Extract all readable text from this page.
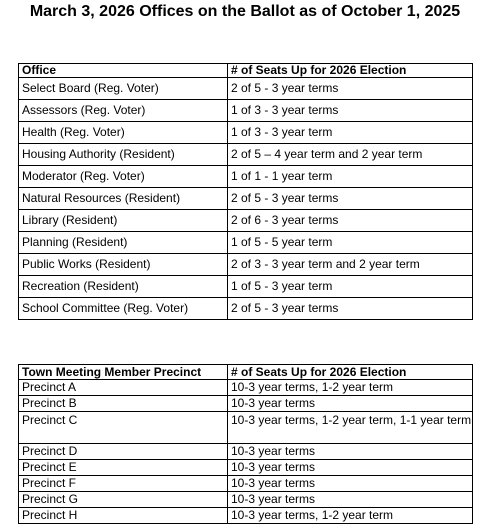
March 3, 2026 Offices on the Ballot as of October 1, 2025
Office	# of Seats Up for 2026 Election
Select Board (Reg. Voter)	2 of 5 - 3 year terms
Assessors (Reg. Voter)	1 of 3 - 3 year terms
Health (Reg. Voter)	1 of 3 - 3 year term
Housing Authority (Resident)	2 of 5 – 4 year term and 2 year term
Moderator (Reg. Voter)	1 of 1 - 1 year term
Natural Resources (Resident)	2 of 5 - 3 year terms
Library (Resident)	2 of 6 - 3 year terms
Planning (Resident)	1 of 5 - 5 year term
Public Works (Resident)	2 of 3 - 3 year term and 2 year term
Recreation (Resident)	1 of 5 - 3 year term
School Committee (Reg. Voter)	2 of 5 - 3 year terms
Town Meeting Member Precinct	# of Seats Up for 2026 Election
Precinct A	10-3 year terms, 1-2 year term
Precinct B	10-3 year terms
Precinct C	10-3 year terms, 1-2 year term, 1-1 year term
Precinct D	10-3 year terms
Precinct E	10-3 year terms
Precinct F	10-3 year terms
Precinct G	10-3 year terms
Precinct H	10-3 year terms, 1-2 year term
